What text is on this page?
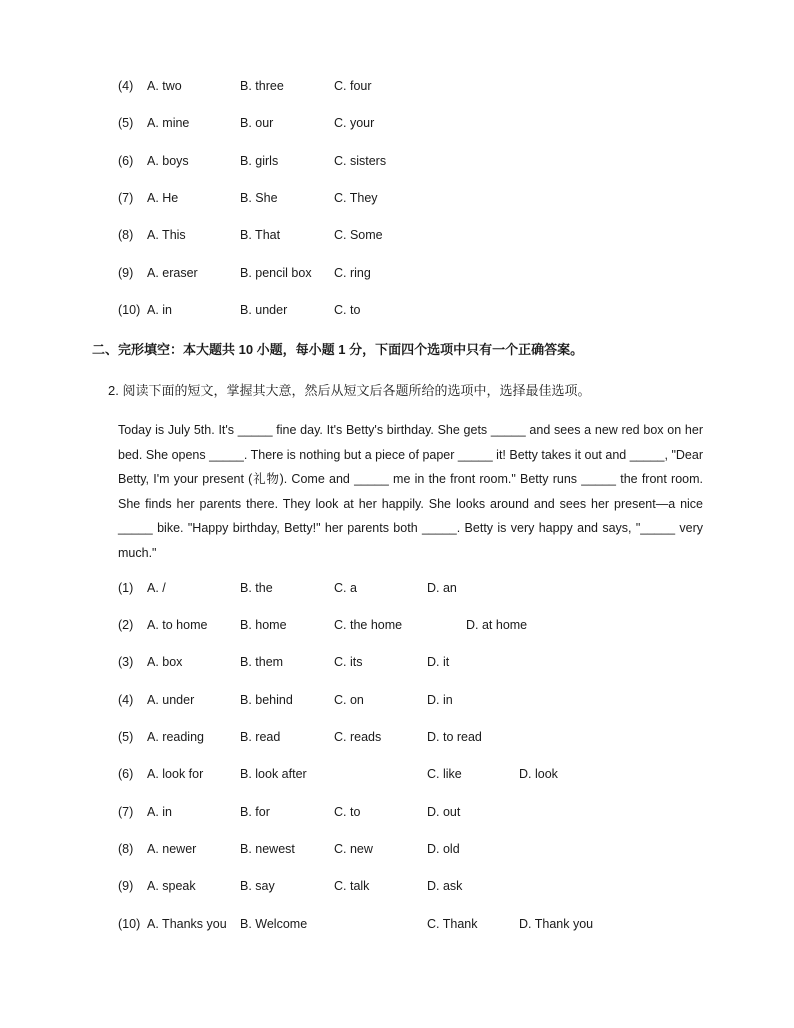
(4) A. two	B. three	C. four
(5) A. mine	B. our	C. your
(6) A. boys	B. girls	C. sisters
(7) A. He	B. She	C. They
(8) A. This	B. That	C. Some
(9) A. eraser	B. pencil box C. ring
(10) A. in	B. under	C. to
二、完形填空：本大题共 10 小题，每小题 1 分，下面四个选项中只有一个正确答案。
2. 阅读下面的短文，掌握其大意，然后从短文后各题所给的选项中，选择最佳选项。
Today is July 5th. It's _____ fine day. It's Betty's birthday. She gets _____ and sees a new red box on her bed. She opens _____. There is nothing but a piece of paper _____ it! Betty takes it out and _____, "Dear Betty, I'm your present (礼物). Come and _____ me in the front room." Betty runs _____ the front room. She finds her parents there. They look at her happily. She looks around and sees her present—a nice _____ bike. "Happy birthday, Betty!" her parents both _____. Betty is very happy and says, "_____ very much."
(1) A. /	B. the	C. a	D. an
(2) A. to home	B. home	C. the home	D. at home
(3) A. box	B. them	C. its	D. it
(4) A. under	B. behind	C. on	D. in
(5) A. reading	B. read	C. reads	D. to read
(6) A. look for	B. look after	C. like	D. look
(7) A. in	B. for	C. to	D. out
(8) A. newer	B. newest	C. new	D. old
(9) A. speak	B. say	C. talk	D. ask
(10) A. Thanks you B. Welcome	C. Thank	D. Thank you
